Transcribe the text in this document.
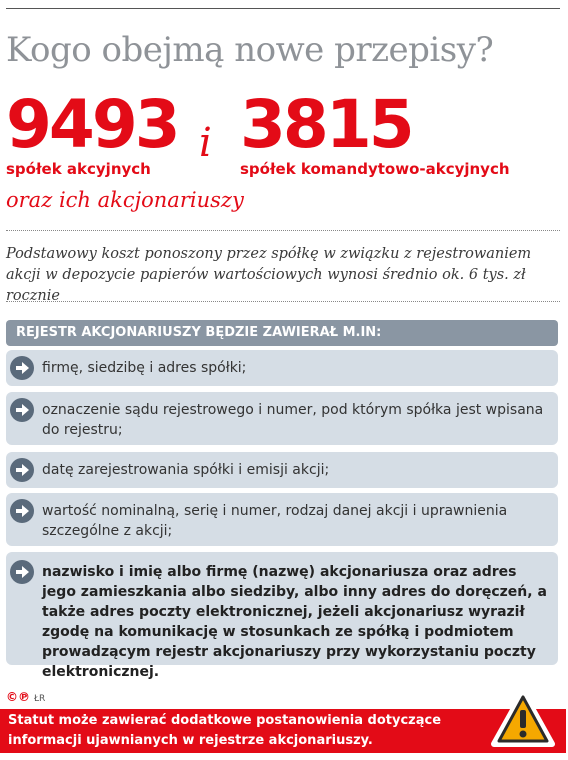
Kogo obejmą nowe przepisy?
9493
spółek akcyjnych
i 3815
spółek komandytowo-akcyjnych
oraz ich akcjonariuszy
Podstawowy koszt ponoszony przez spółkę w związku z rejestrowaniem akcji w depozycie papierów wartościowych wynosi średnio ok. 6 tys. zł rocznie
REJESTR AKCJONARIUSZY BĘDZIE ZAWIERAŁ M.IN:
firmę, siedzibę i adres spółki;
oznaczenie sądu rejestrowego i numer, pod którym spółka jest wpisana do rejestru;
datę zarejestrowania spółki i emisji akcji;
wartość nominalną, serię i numer, rodzaj danej akcji i uprawnienia szczególne z akcji;
nazwisko i imię albo firmę (nazwę) akcjonariusza oraz adres jego zamieszkania albo siedziby, albo inny adres do doręczeń, a także adres poczty elektronicznej, jeżeli akcjonariusz wyraził zgodę na komunikację w stosunkach ze spółką i podmiotem prowadzącym rejestr akcjonariuszy przy wykorzystaniu poczty elektronicznej.
©℗ ŁR
Statut może zawierać dodatkowe postanowienia dotyczące
informacji ujawnianych w rejestrze akcjonariuszy.
